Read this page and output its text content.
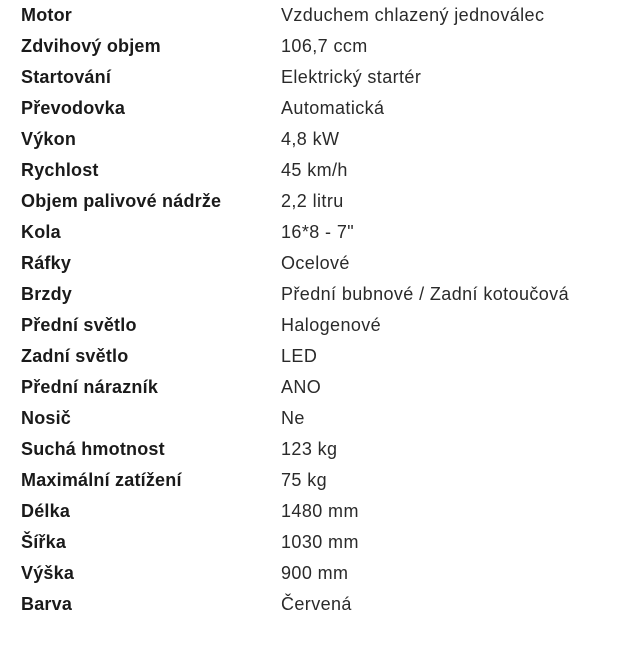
Motor	Vzduchem chlazený jednoválec
Zdvihový objem	106,7 ccm
Startování	Elektrický startér
Převodovka	Automatická
Výkon	4,8 kW
Rychlost	45 km/h
Objem palivové nádrže	2,2 litru
Kola	16*8 - 7"
Ráfky	Ocelové
Brzdy	Přední bubnové / Zadní kotoučová
Přední světlo	Halogenové
Zadní světlo	LED
Přední nárazník	ANO
Nosič	Ne
Suchá hmotnost	123 kg
Maximální zatížení	75 kg
Délka	1480 mm
Šířka	1030 mm
Výška	900 mm
Barva	Červená
